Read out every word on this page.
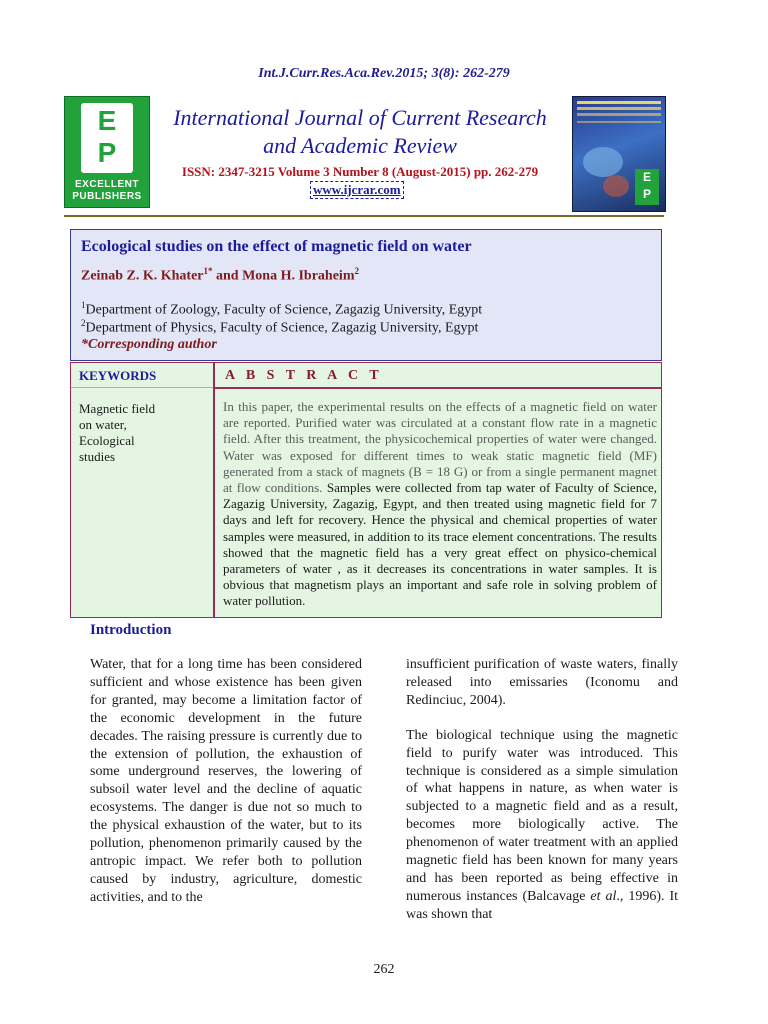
Int.J.Curr.Res.Aca.Rev.2015; 3(8): 262-279
E
P
EXCELLENT
PUBLISHERS
International Journal of Current Research
and Academic Review
ISSN: 2347-3215 Volume 3 Number 8 (August-2015) pp. 262-279
www.ijcrar.com
E
P
Ecological studies on the effect of magnetic field on water
Zeinab Z. K. Khater$^{1*}$ and Mona H. Ibraheim$^2$
$^1$Department of Zoology, Faculty of Science, Zagazig University, Egypt
$^2$Department of Physics, Faculty of Science, Zagazig University, Egypt
*Corresponding author
KEYWORDS	A B S T R A C T
Magnetic field
on water,
Ecological
studies
In this paper, the experimental results on the effects of a magnetic field on water are reported. Purified water was circulated at a constant flow rate in a magnetic field. After this treatment, the physicochemical properties of water were changed. Water was exposed for different times to weak static magnetic field (MF) generated from a stack of magnets (B = 18 G) or from a single permanent magnet at flow conditions. Samples were collected from tap water of Faculty of Science, Zagazig University, Zagazig, Egypt, and then treated using magnetic field for 7 days and left for recovery. Hence the physical and chemical properties of water samples were measured, in addition to its trace element concentrations. The results showed that the magnetic field has a very great effect on physico-chemical parameters of water , as it decreases its concentrations in water samples. It is obvious that magnetism plays an important and safe role in solving problem of water pollution.
Introduction

Water, that for a long time has been considered sufficient and whose existence has been given for granted, may become a limitation factor of the economic development in the future decades. The raising pressure is currently due to the extension of pollution, the exhaustion of some underground reserves, the lowering of subsoil water level and the decline of aquatic ecosystems. The danger is due not so much to the physical exhaustion of the water, but to its pollution, phenomenon primarily caused by the antropic impact. We refer both to pollution caused by industry, agriculture, domestic activities, and to the

insufficient purification of waste waters, finally released into emissaries (Iconomu and Redinciuc, 2004).

The biological technique using the magnetic field to purify water was introduced. This technique is considered as a simple simulation of what happens in nature, as when water is subjected to a magnetic field and as a result, becomes more biologically active. The phenomenon of water treatment with an applied magnetic field has been known for many years and has been reported as being effective in numerous instances (Balcavage et al., 1996). It was shown that

262
